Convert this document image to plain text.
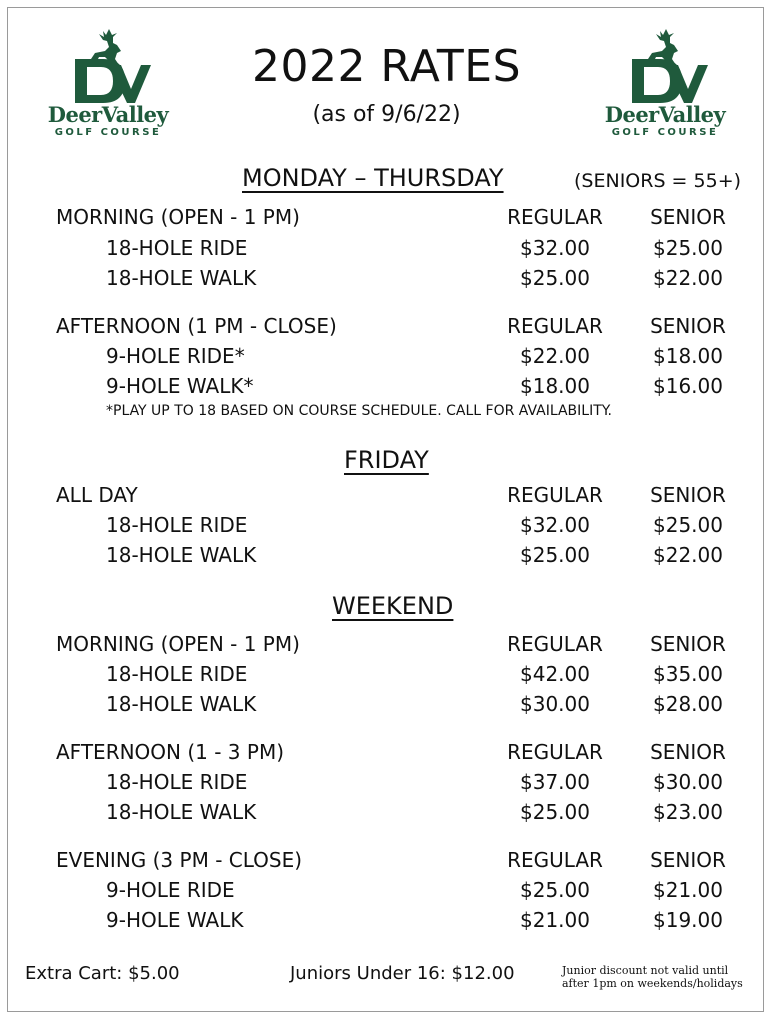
DeerValley
GOLF COURSE
DeerValley
GOLF COURSE
2022 RATES
(as of 9/6/22)
MONDAY – THURSDAY	(SENIORS = 55+)
MORNING (OPEN - 1 PM)	REGULAR	SENIOR
18-HOLE RIDE	$32.00	$25.00
18-HOLE WALK	$25.00	$22.00
AFTERNOON (1 PM - CLOSE)	REGULAR	SENIOR
9-HOLE RIDE*	$22.00	$18.00
9-HOLE WALK*	$18.00	$16.00
*PLAY UP TO 18 BASED ON COURSE SCHEDULE. CALL FOR AVAILABILITY.
FRIDAY
ALL DAY	REGULAR	SENIOR
18-HOLE RIDE	$32.00	$25.00
18-HOLE WALK	$25.00	$22.00
WEEKEND
MORNING (OPEN - 1 PM)	REGULAR	SENIOR
18-HOLE RIDE	$42.00	$35.00
18-HOLE WALK	$30.00	$28.00
AFTERNOON (1 - 3 PM)	REGULAR	SENIOR
18-HOLE RIDE	$37.00	$30.00
18-HOLE WALK	$25.00	$23.00
EVENING (3 PM - CLOSE)	REGULAR	SENIOR
9-HOLE RIDE	$25.00	$21.00
9-HOLE WALK	$21.00	$19.00
Extra Cart: $5.00	Juniors Under 16: $12.00	Junior discount not valid until after 1pm on weekends/holidays
